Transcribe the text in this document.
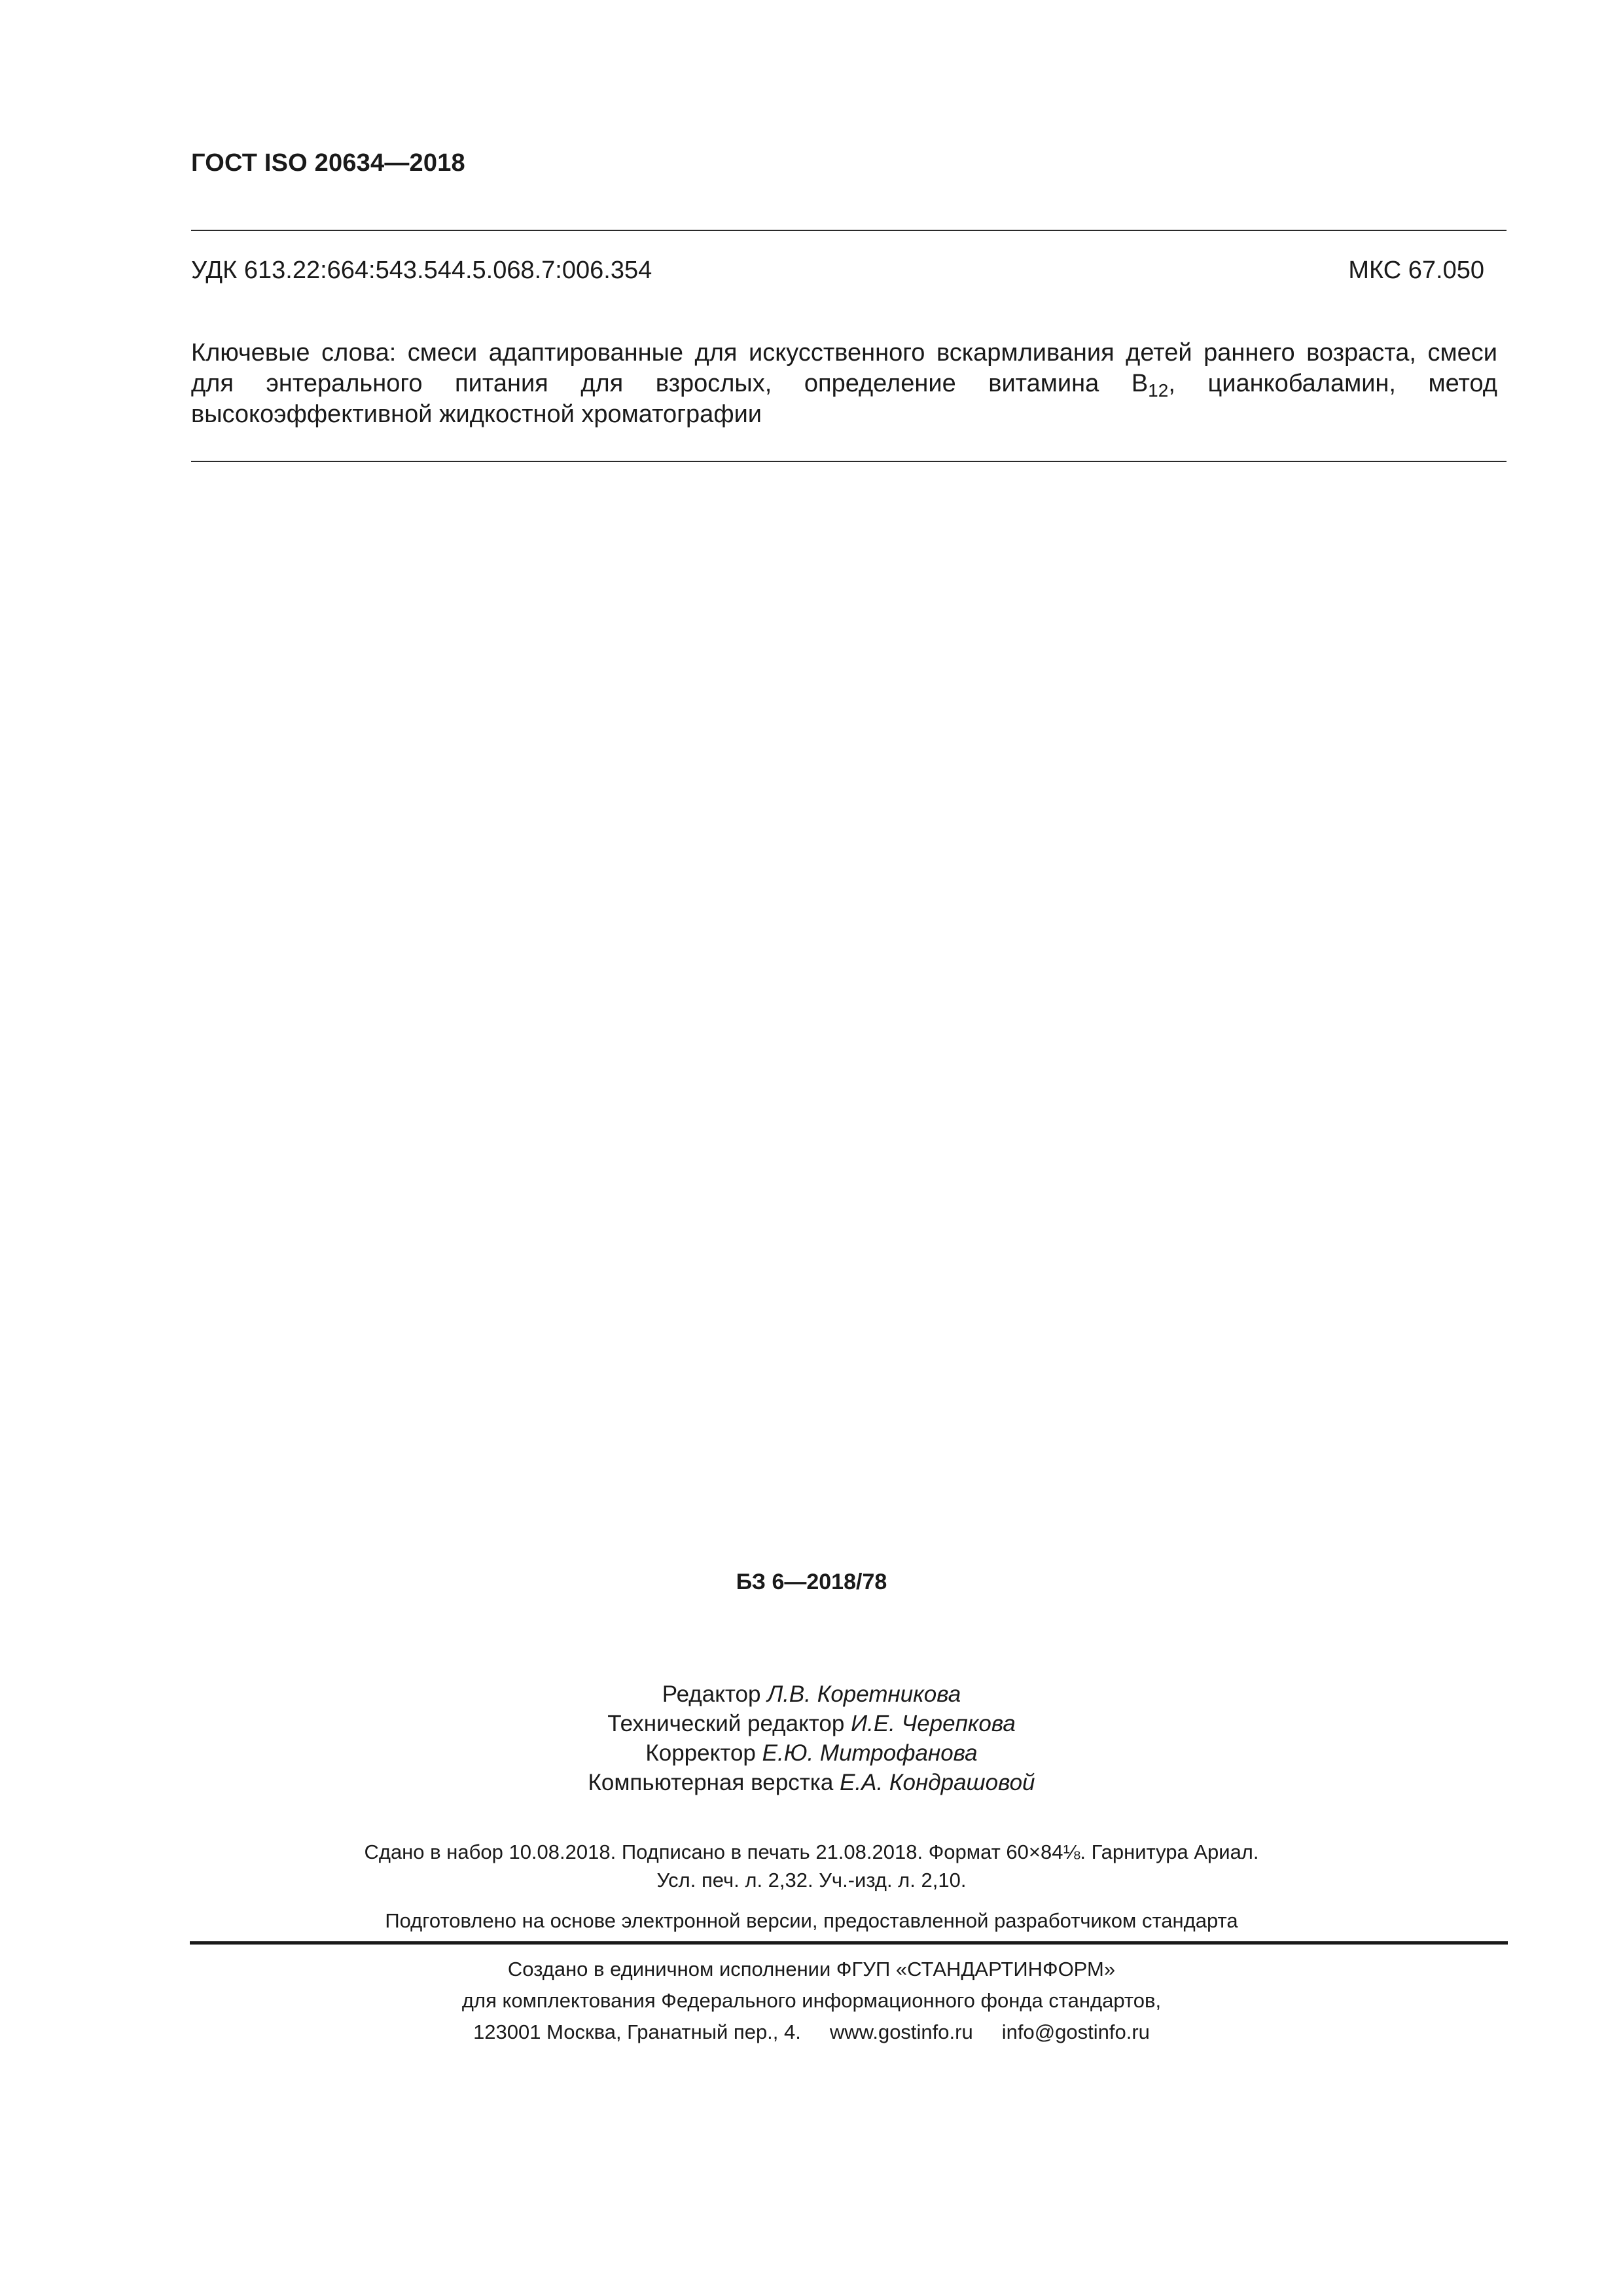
ГОСТ ISO 20634—2018
УДК 613.22:664:543.544.5.068.7:006.354	МКС 67.050
Ключевые слова: смеси адаптированные для искусственного вскармливания детей раннего возраста, смеси для энтерального питания для взрослых, определение витамина $B_{12}$, цианкобаламин, метод высокоэффективной жидкостной хроматографии
БЗ 6—2018/78
Редактор Л.В. Коретникова
Технический редактор И.Е. Черепкова
Корректор Е.Ю. Митрофанова
Компьютерная верстка Е.А. Кондрашовой
Сдано в набор 10.08.2018. Подписано в печать 21.08.2018. Формат 60×84⅛. Гарнитура Ариал.
Усл. печ. л. 2,32. Уч.-изд. л. 2,10.
Подготовлено на основе электронной версии, предоставленной разработчиком стандарта
Создано в единичном исполнении ФГУП «СТАНДАРТИНФОРМ»
для комплектования Федерального информационного фонда стандартов,
123001 Москва, Гранатный пер., 4. www.gostinfo.ru info@gostinfo.ru
